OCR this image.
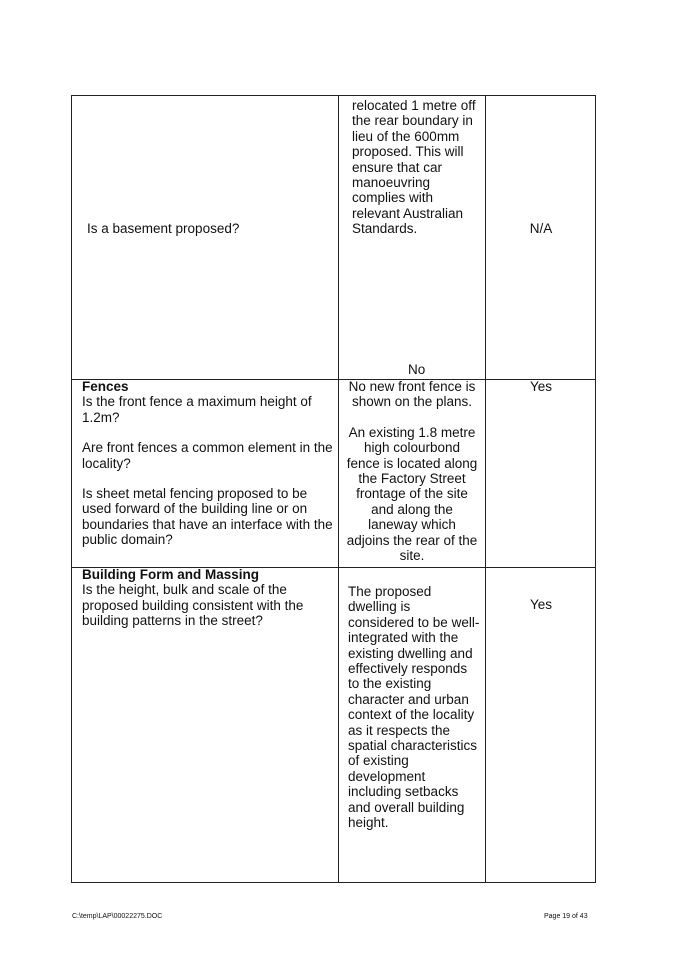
Is a basement proposed?
relocated 1 metre off
the rear boundary in
lieu of the 600mm
proposed. This will
ensure that car
manoeuvring
complies with
relevant Australian
Standards.
No
N/A
Fences
Is the front fence a maximum height of
1.2m?
Are front fences a common element in the
locality?
Is sheet metal fencing proposed to be
used forward of the building line or on
boundaries that have an interface with the
public domain?
No new front fence is
shown on the plans.
An existing 1.8 metre
high colourbond
fence is located along
the Factory Street
frontage of the site
and along the
laneway which
adjoins the rear of the
site.
Yes
Building Form and Massing
Is the height, bulk and scale of the
proposed building consistent with the
building patterns in the street?
The proposed
dwelling is
considered to be well-
integrated with the
existing dwelling and
effectively responds
to the existing
character and urban
context of the locality
as it respects the
spatial characteristics
of existing
development
including setbacks
and overall building
height.
Yes
C:\temp\LAP\00022275.DOC	Page 19 of 43
